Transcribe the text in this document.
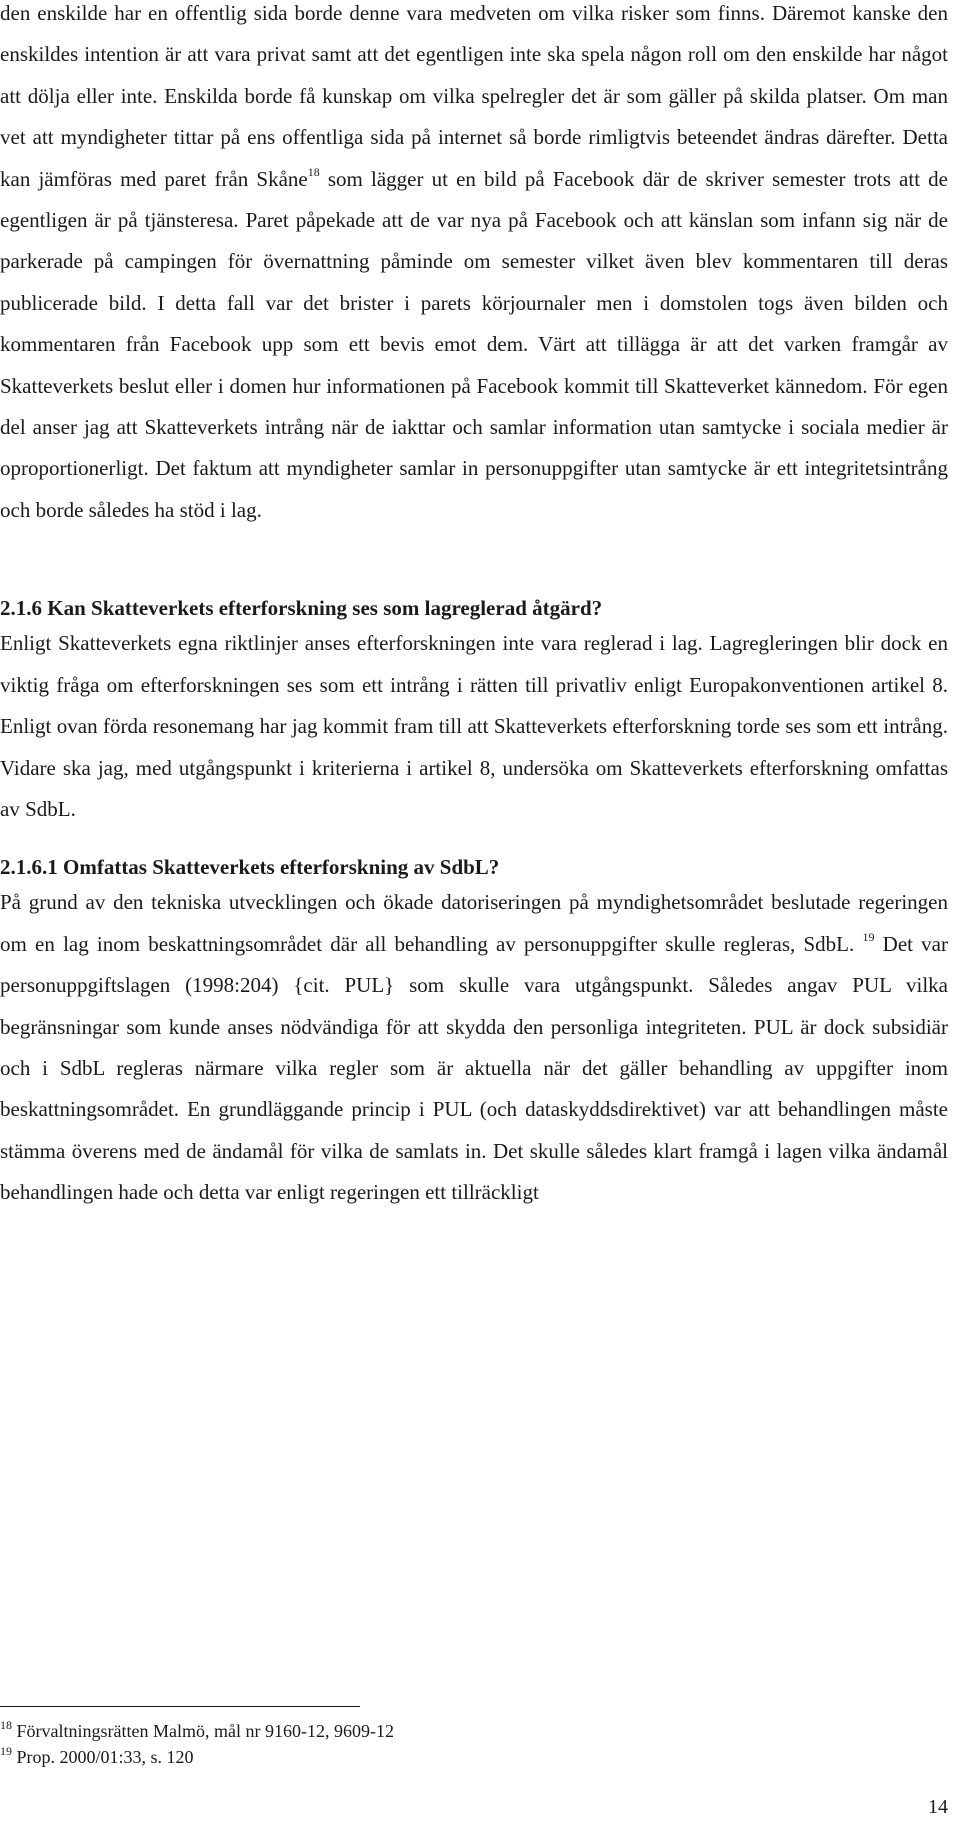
den enskilde har en offentlig sida borde denne vara medveten om vilka risker som finns. Däremot kanske den enskildes intention är att vara privat samt att det egentligen inte ska spela någon roll om den enskilde har något att dölja eller inte. Enskilda borde få kunskap om vilka spelregler det är som gäller på skilda platser. Om man vet att myndigheter tittar på ens offentliga sida på internet så borde rimligtvis beteendet ändras därefter. Detta kan jämföras med paret från Skåne$^{18}$ som lägger ut en bild på Facebook där de skriver semester trots att de egentligen är på tjänsteresa. Paret påpekade att de var nya på Facebook och att känslan som infann sig när de parkerade på campingen för övernattning påminde om semester vilket även blev kommentaren till deras publicerade bild. I detta fall var det brister i parets körjournaler men i domstolen togs även bilden och kommentaren från Facebook upp som ett bevis emot dem. Värt att tillägga är att det varken framgår av Skatteverkets beslut eller i domen hur informationen på Facebook kommit till Skatteverket kännedom. För egen del anser jag att Skatteverkets intrång när de iakttar och samlar information utan samtycke i sociala medier är oproportionerligt. Det faktum att myndigheter samlar in personuppgifter utan samtycke är ett integritetsintrång och borde således ha stöd i lag.

2.1.6 Kan Skatteverkets efterforskning ses som lagreglerad åtgärd?

Enligt Skatteverkets egna riktlinjer anses efterforskningen inte vara reglerad i lag. Lagregleringen blir dock en viktig fråga om efterforskningen ses som ett intrång i rätten till privatliv enligt Europakonventionen artikel 8. Enligt ovan förda resonemang har jag kommit fram till att Skatteverkets efterforskning torde ses som ett intrång. Vidare ska jag, med utgångspunkt i kriterierna i artikel 8, undersöka om Skatteverkets efterforskning omfattas av SdbL.

2.1.6.1 Omfattas Skatteverkets efterforskning av SdbL?

På grund av den tekniska utvecklingen och ökade datoriseringen på myndighetsområdet beslutade regeringen om en lag inom beskattningsområdet där all behandling av personuppgifter skulle regleras, SdbL. $^{19}$ Det var personuppgiftslagen (1998:204) {cit. PUL} som skulle vara utgångspunkt. Således angav PUL vilka begränsningar som kunde anses nödvändiga för att skydda den personliga integriteten. PUL är dock subsidiär och i SdbL regleras närmare vilka regler som är aktuella när det gäller behandling av uppgifter inom beskattningsområdet. En grundläggande princip i PUL (och dataskyddsdirektivet) var att behandlingen måste stämma överens med de ändamål för vilka de samlats in. Det skulle således klart framgå i lagen vilka ändamål behandlingen hade och detta var enligt regeringen ett tillräckligt

$^{18}$ Förvaltningsrätten Malmö, mål nr 9160-12, 9609-12

$^{19}$ Prop. 2000/01:33, s. 120

14
